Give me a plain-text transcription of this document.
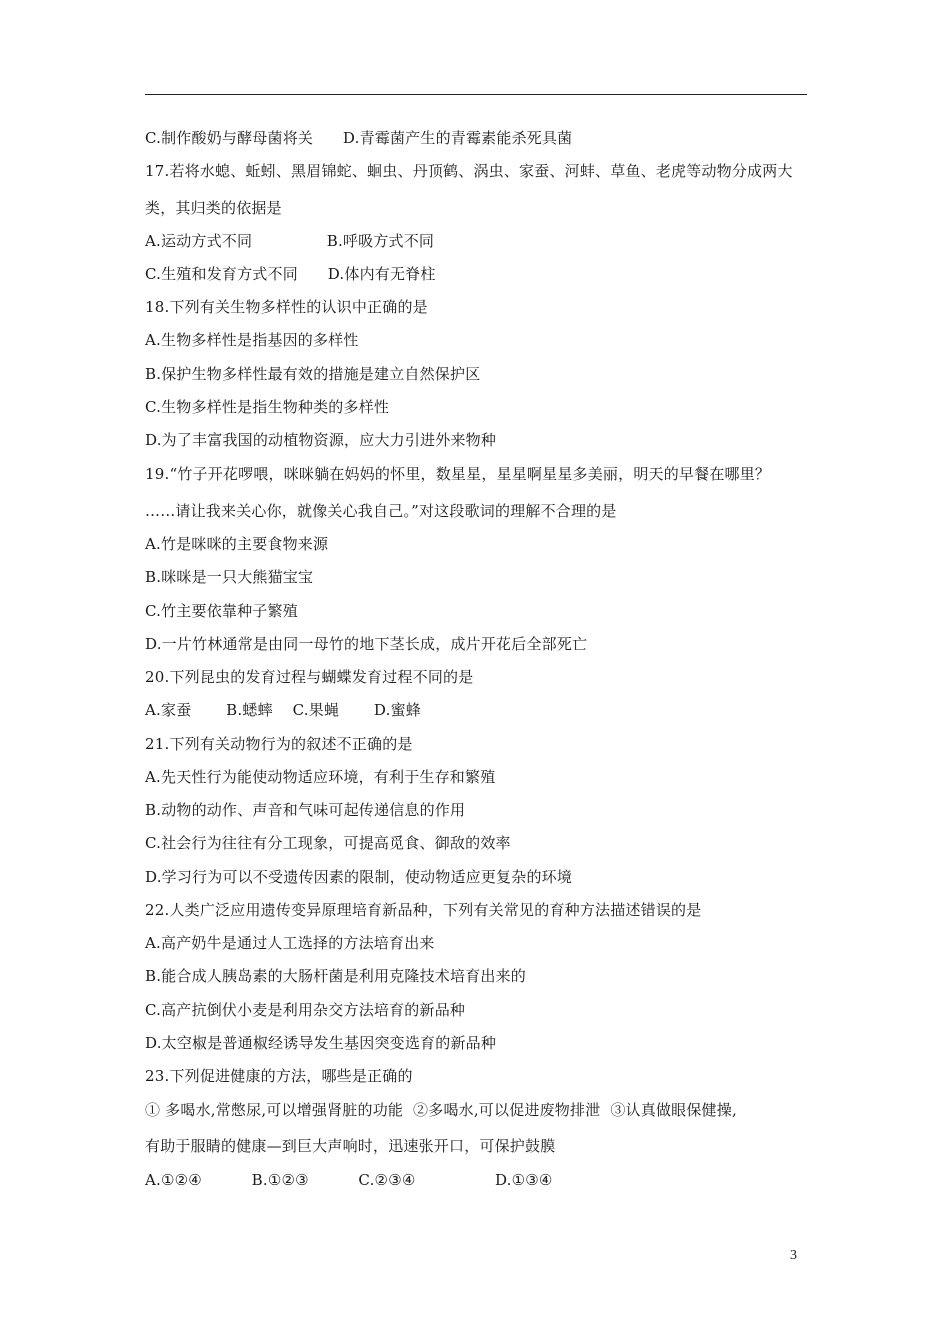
C.制作酸奶与酵母菌将关      D.青霉菌产生的青霉素能杀死具菌
17.若将水螅、蚯蚓、黑眉锦蛇、蛔虫、丹顶鹤、涡虫、家蚕、河蚌、草鱼、老虎等动物分成两大
类，其归类的依据是
A.运动方式不同               B.呼吸方式不同
C.生殖和发育方式不同      D.体内有无脊柱
18.下列有关生物多样性的认识中正确的是
A.生物多样性是指基因的多样性
B.保护生物多样性最有效的措施是建立自然保护区
C.生物多样性是指生物种类的多样性
D.为了丰富我国的动植物资源，应大力引进外来物种
19.“竹子开花啰喂，咪咪躺在妈妈的怀里，数星星，星星啊星星多美丽，明天的早餐在哪里？
……请让我来关心你，就像关心我自己。”对这段歌词的理解不合理的是
A.竹是咪咪的主要食物来源
B.咪咪是一只大熊猫宝宝
C.竹主要依靠种子繁殖
D.一片竹林通常是由同一母竹的地下茎长成，成片开花后全部死亡
20.下列昆虫的发育过程与蝴蝶发育过程不同的是
A.家蚕       B.蟋蟀    C.果蝇       D.蜜蜂
21.下列有关动物行为的叙述不正确的是
A.先天性行为能使动物适应环境，有利于生存和繁殖
B.动物的动作、声音和气味可起传递信息的作用
C.社会行为往往有分工现象，可提高觅食、御敌的效率
D.学习行为可以不受遗传因素的限制，使动物适应更复杂的环境
22.人类广泛应用遗传变异原理培育新品种，下列有关常见的育种方法描述错误的是
A.高产奶牛是通过人工选择的方法培育出来
B.能合成人胰岛素的大肠杆菌是利用克隆技术培育出来的
C.高产抗倒伏小麦是利用杂交方法培育的新品种
D.太空椒是普通椒经诱导发生基因突变选育的新品种
23.下列促进健康的方法，哪些是正确的
① 多喝水,常憋尿,可以增强肾脏的功能  ②多喝水,可以促进废物排泄  ③认真做眼保健操,
有助于服睛的健康—到巨大声响时，迅速张开口，可保护鼓膜
A.①②④          B.①②③          C.②③④                D.①③④
3
